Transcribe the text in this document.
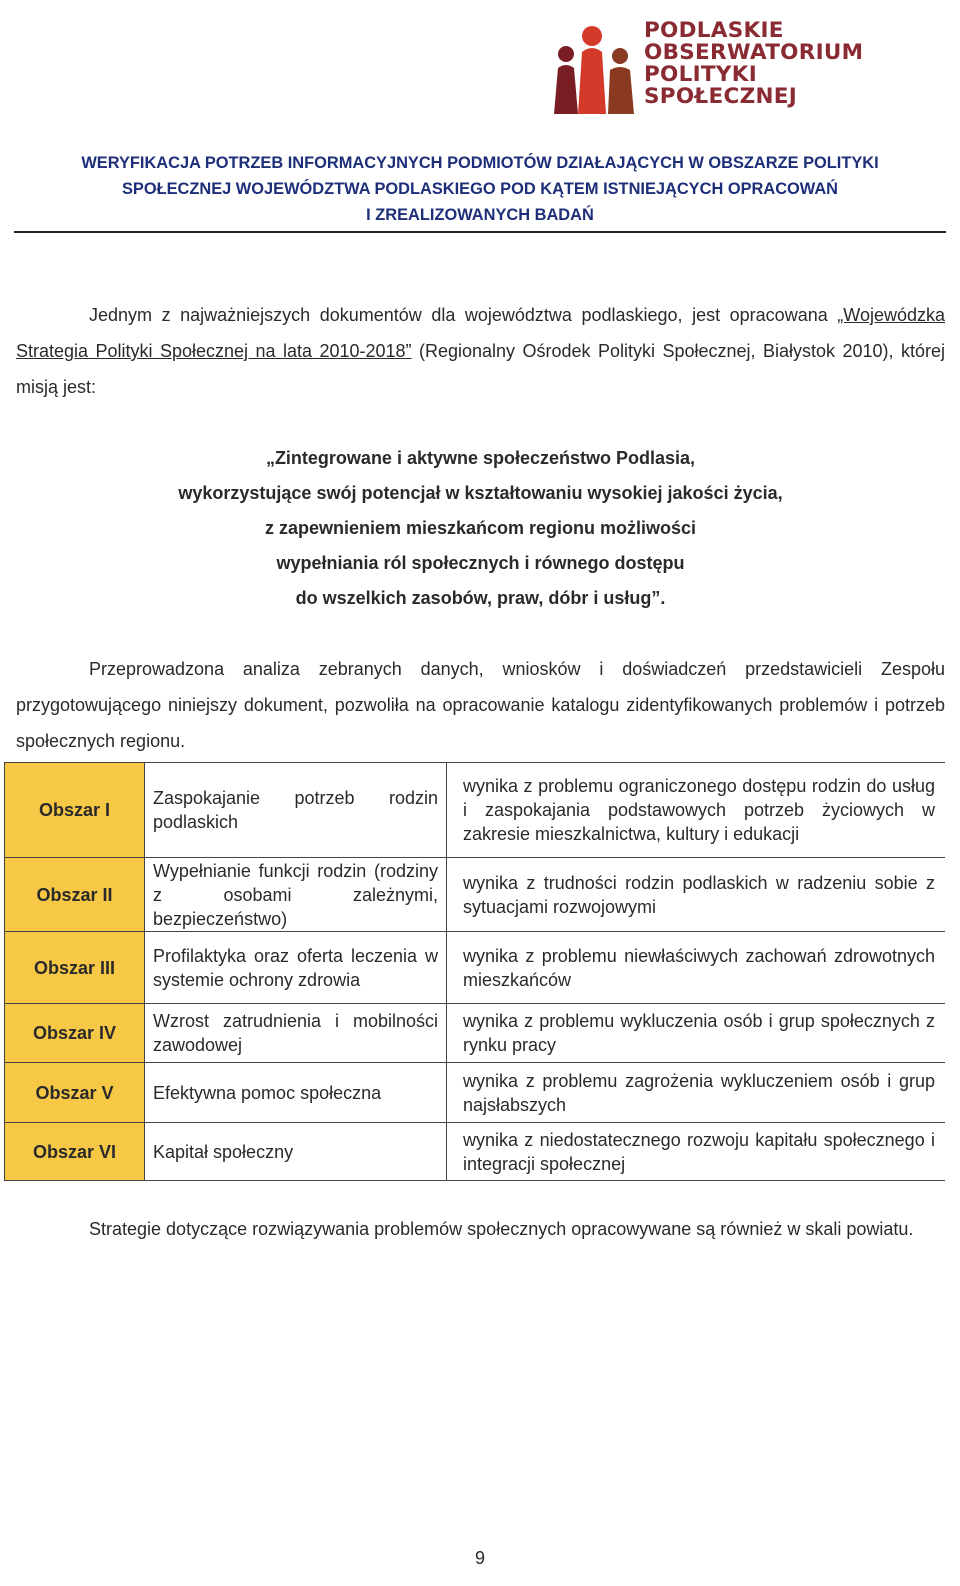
PODLASKIE
OBSERWATORIUM
POLITYKI
SPOŁECZNEJ
WERYFIKACJA POTRZEB INFORMACYJNYCH PODMIOTÓW DZIAŁAJĄCYCH W OBSZARZE POLITYKI
SPOŁECZNEJ WOJEWÓDZTWA PODLASKIEGO POD KĄTEM ISTNIEJĄCYCH OPRACOWAŃ
I ZREALIZOWANYCH BADAŃ

Jednym z najważniejszych dokumentów dla województwa podlaskiego, jest opracowana „Wojewódzka Strategia Polityki Społecznej na lata 2010-2018” (Regionalny Ośrodek Polityki Społecznej, Białystok 2010), której misją jest:

„Zintegrowane i aktywne społeczeństwo Podlasia,
wykorzystujące swój potencjał w kształtowaniu wysokiej jakości życia,
z zapewnieniem mieszkańcom regionu możliwości
wypełniania ról społecznych i równego dostępu
do wszelkich zasobów, praw, dóbr i usług”.

Przeprowadzona analiza zebranych danych, wniosków i doświadczeń przedstawicieli Zespołu przygotowującego niniejszy dokument, pozwoliła na opracowanie katalogu zidentyfikowanych problemów i potrzeb społecznych regionu.

Obszar I	Zaspokajanie potrzeb rodzin podlaskich	wynika z problemu ograniczonego dostępu rodzin do usług i zaspokajania podstawowych potrzeb życiowych w zakresie mieszkalnictwa, kultury i edukacji
Obszar II	Wypełnianie funkcji rodzin (rodziny z osobami zależnymi, bezpieczeństwo)	wynika z trudności rodzin podlaskich w radzeniu sobie z sytuacjami rozwojowymi
Obszar III	Profilaktyka oraz oferta leczenia w systemie ochrony zdrowia	wynika z problemu niewłaściwych zachowań zdrowotnych mieszkańców
Obszar IV	Wzrost zatrudnienia i mobilności zawodowej	wynika z problemu wykluczenia osób i grup społecznych z rynku pracy
Obszar V	Efektywna pomoc społeczna	wynika z problemu zagrożenia wykluczeniem osób i grup najsłabszych
Obszar VI	Kapitał społeczny	wynika z niedostatecznego rozwoju kapitału społecznego i integracji społecznej

Strategie dotyczące rozwiązywania problemów społecznych opracowywane są również w skali powiatu.

9
